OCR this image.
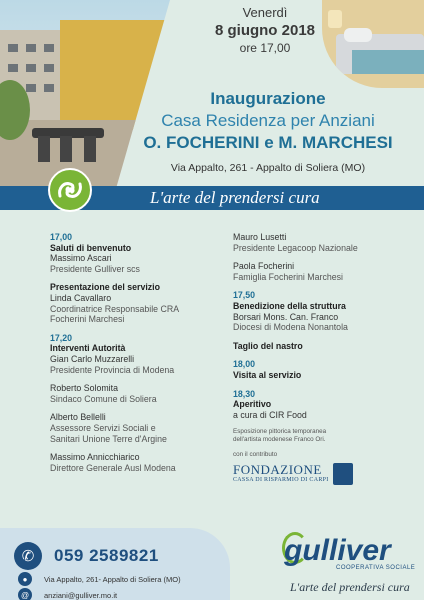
Venerdì
8 giugno 2018
ore 17,00
Inaugurazione
Casa Residenza per Anziani
O. FOCHERINI e M. MARCHESI
Via Appalto, 261 - Appalto di Soliera (MO)
L'arte del prendersi cura
17,00
Saluti di benvenuto
Massimo Ascari
Presidente Gulliver scs
Presentazione del servizio
Linda Cavallaro
Coordinatrice Responsabile CRA
Focherini Marchesi
17,20
Interventi Autorità
Gian Carlo Muzzarelli
Presidente Provincia di Modena
Roberto Solomita
Sindaco Comune di Soliera
Alberto Bellelli
Assessore Servizi Sociali e
Sanitari Unione Terre d'Argine
Massimo Annicchiarico
Direttore Generale Ausl Modena
Mauro Lusetti
Presidente Legacoop Nazionale
Paola Focherini
Famiglia Focherini Marchesi
17,50
Benedizione della struttura
Borsari Mons. Can. Franco
Diocesi di Modena Nonantola
Taglio del nastro
18,00
Visita al servizio
18,30
Aperitivo
a cura di CIR Food
Esposizione pittorica temporanea
dell'artista modenese Franco Ori.
con il contributo
FONDAZIONE
CASSA DI RISPARMIO DI CARPI
✆	059 2589821
●	Via Appalto, 261- Appalto di Soliera (MO)
@	anziani@gulliver.mo.it
gulliver
COOPERATIVA SOCIALE
L'arte del prendersi cura
